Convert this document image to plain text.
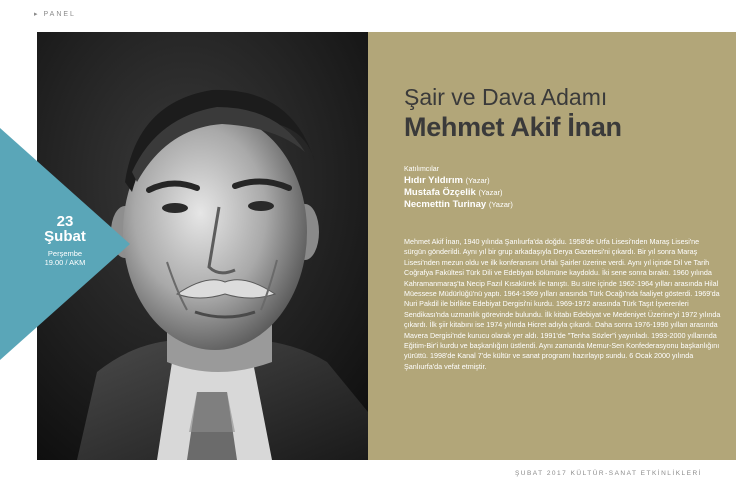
▸ PANEL
23
Şubat
Perşembe
19.00 / AKM
Şair ve Dava Adamı
Mehmet Akif İnan
Katılımcılar
Hıdır Yıldırım (Yazar)
Mustafa Özçelik (Yazar)
Necmettin Turinay (Yazar)
Mehmet Akif İnan, 1940 yılında Şanlıurfa'da doğdu. 1958'de Urfa Lisesi'nden Maraş Lisesi'ne sürgün gönderildi. Aynı yıl bir grup arkadaşıyla Derya Gazetesi'ni çıkardı. Bir yıl sonra Maraş Lisesi'nden mezun oldu ve ilk konferansını Urfalı Şairler üzerine verdi. Aynı yıl içinde Dil ve Tarih Coğrafya Fakültesi Türk Dili ve Edebiyatı bölümüne kaydoldu. İki sene sonra bıraktı. 1960 yılında Kahramanmaraş'ta Necip Fazıl Kısakürek ile tanıştı. Bu süre içinde 1962-1964 yılları arasında Hilal Müessese Müdürlüğü'nü yaptı. 1964-1969 yılları arasında Türk Ocağı'nda faaliyet gösterdi. 1969'da Nuri Pakdil ile birlikte Edebiyat Dergisi'ni kurdu. 1969-1972 arasında Türk Taşıt İşverenleri Sendikası'nda uzmanlık görevinde bulundu. İlk kitabı Edebiyat ve Medeniyet Üzerine'yi 1972 yılında çıkardı. İlk şiir kitabını ise 1974 yılında Hicret adıyla çıkardı. Daha sonra 1976-1990 yılları arasında Mavera Dergisi'nde kurucu olarak yer aldı. 1991'de "Tenha Sözler"i yayınladı. 1993-2000 yıllarında Eğitim-Bir'i kurdu ve başkanlığını üstlendi. Aynı zamanda Memur-Sen Konfederasyonu başkanlığını yürüttü. 1998'de Kanal 7'de kültür ve sanat programı hazırlayıp sundu. 6 Ocak 2000 yılında Şanlıurfa'da vefat etmiştir.
ŞUBAT 2017 KÜLTÜR-SANAT ETKİNLİKLERİ
